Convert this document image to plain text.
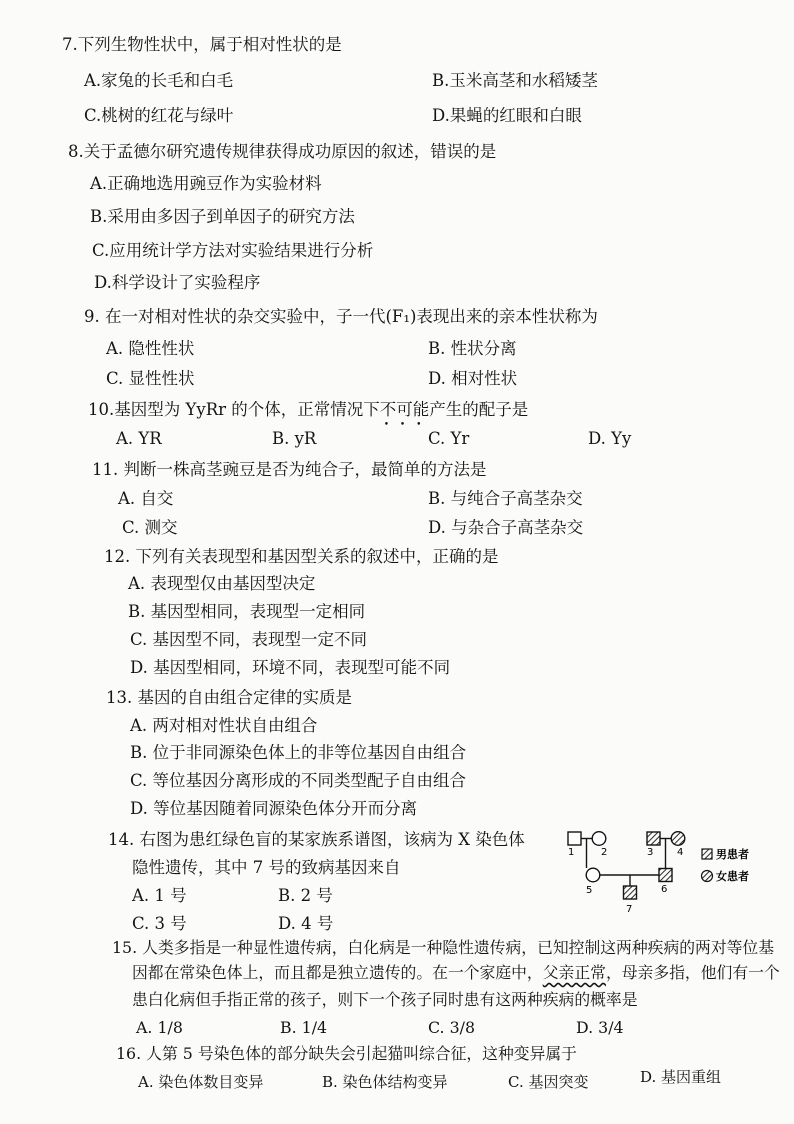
7.下列生物性状中，属于相对性状的是
A.家兔的长毛和白毛	B.玉米高茎和水稻矮茎
C.桃树的红花与绿叶	D.果蝇的红眼和白眼
8.关于孟德尔研究遗传规律获得成功原因的叙述，错误的是
A.正确地选用豌豆作为实验材料
B.采用由多因子到单因子的研究方法
C.应用统计学方法对实验结果进行分析
D.科学设计了实验程序
9. 在一对相对性状的杂交实验中，子一代(F₁)表现出来的亲本性状称为
A. 隐性性状	B. 性状分离
C. 显性性状	D. 相对性状
10.基因型为 YyRr 的个体，正常情况下不可能 • • •产生的配子是
A. YR	B. yR	C. Yr	D. Yy
11. 判断一株高茎豌豆是否为纯合子，最简单的方法是
A. 自交	B. 与纯合子高茎杂交
C. 测交	D. 与杂合子高茎杂交
12. 下列有关表现型和基因型关系的叙述中，正确的是
A. 表现型仅由基因型决定
B. 基因型相同，表现型一定相同
C. 基因型不同，表现型一定不同
D. 基因型相同，环境不同，表现型可能不同
13. 基因的自由组合定律的实质是
A. 两对相对性状自由组合
B. 位于非同源染色体上的非等位基因自由组合
C. 等位基因分离形成的不同类型配子自由组合
D. 等位基因随着同源染色体分开而分离
14. 右图为患红绿色盲的某家族系谱图，该病为 X 染色体
隐性遗传，其中 7 号的致病基因来自
A. 1 号	B. 2 号
C. 3 号	D. 4 号
1	2	3 4
5	6
7
男患者
女患者
15. 人类多指是一种显性遗传病，白化病是一种隐性遗传病，已知控制这两种疾病的两对等位基
因都在常染色体上，而且都是独立遗传的。在一个家庭中，父亲正常，母亲多指，他们有一个
患白化病但手指正常的孩子，则下一个孩子同时患有这两种疾病的概率是
A. 1/8	B. 1/4	C. 3/8	D. 3/4
16. 人第 5 号染色体的部分缺失会引起猫叫综合征，这种变异属于
A. 染色体数目变异	B. 染色体结构变异	C. 基因突变	D. 基因重组
